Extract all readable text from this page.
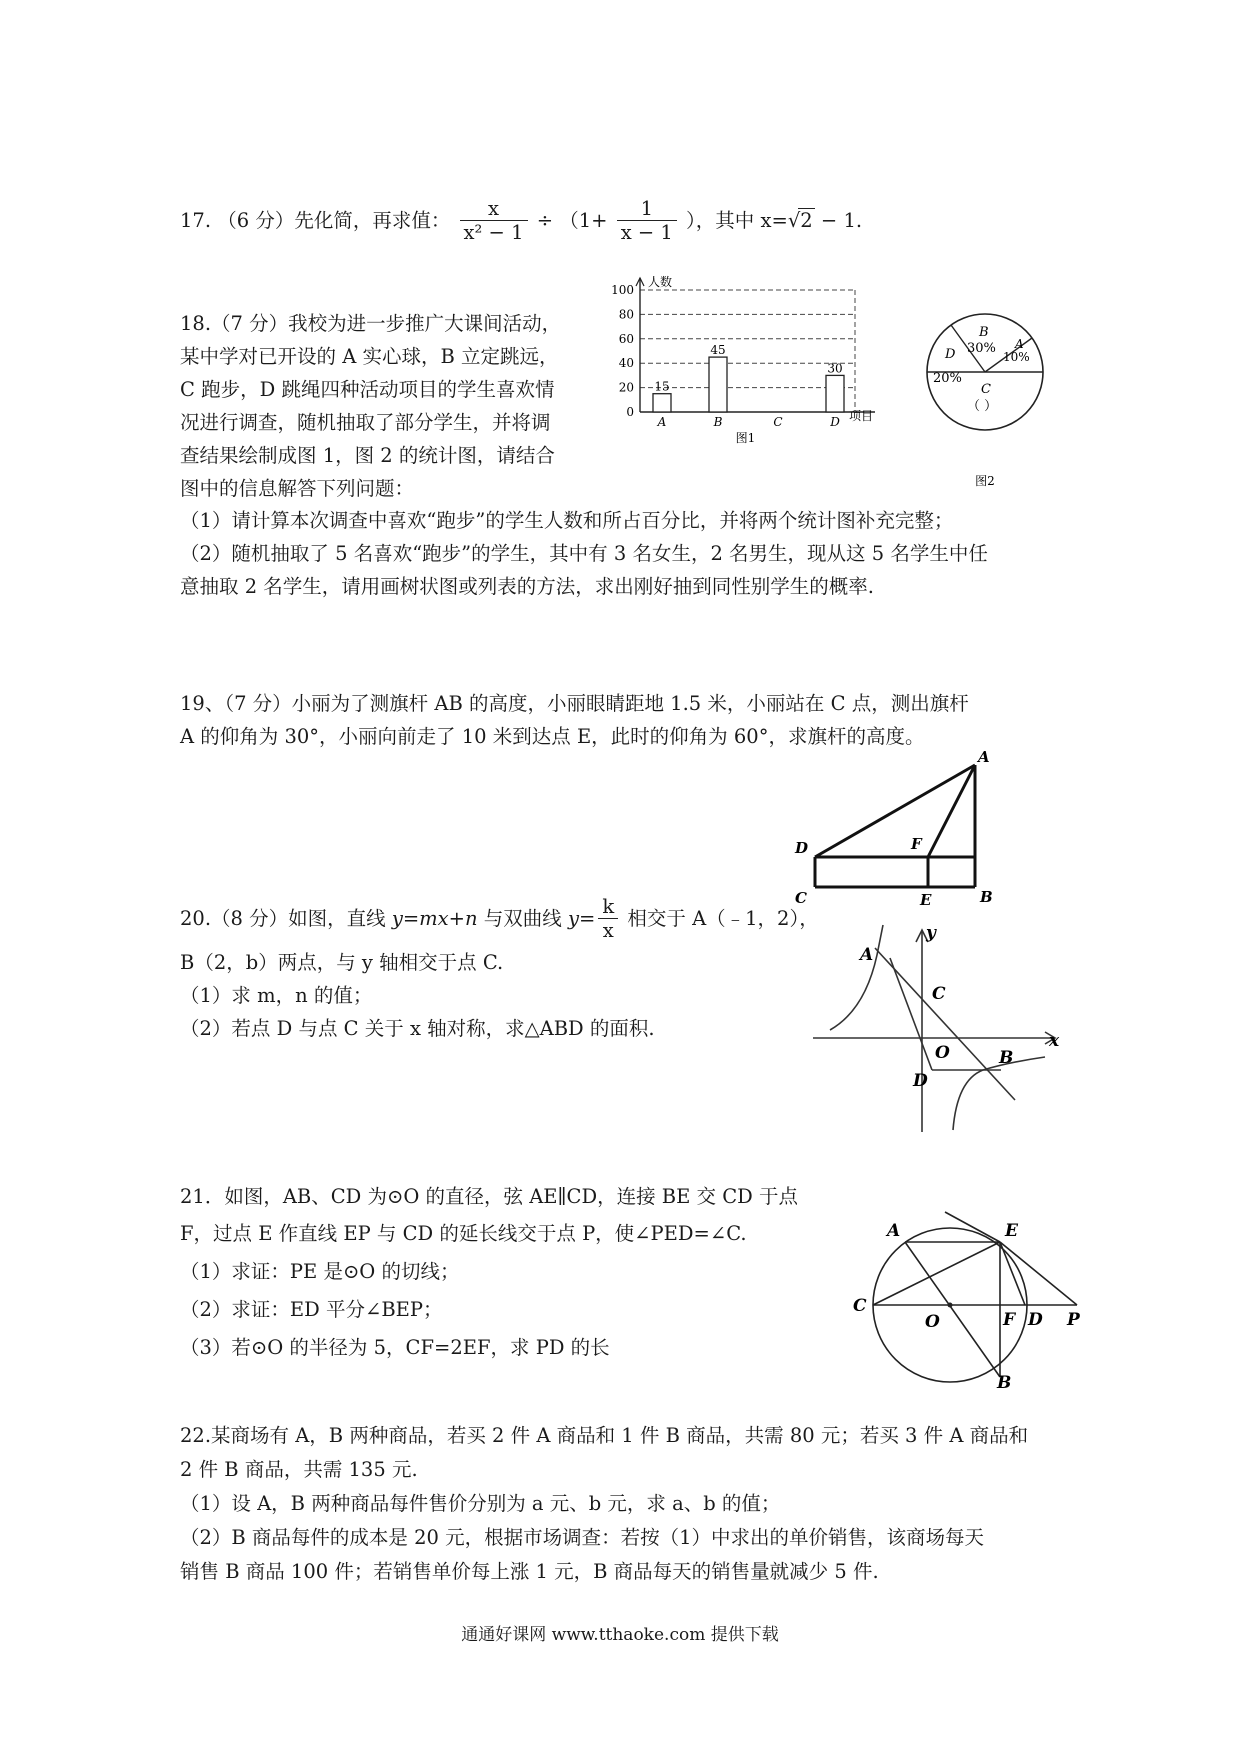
17. （6 分）先化简，再求值： $\frac{x}{\text{x² − 1}} \div (1+ \frac{1}{x - 1}$ ），其中 x=√2 − 1.
18.（7 分）我校为进一步推广大课间活动，
某中学对已开设的 A 实心球，B 立定跳远，
C 跑步，D 跳绳四种活动项目的学生喜欢情
况进行调查，随机抽取了部分学生，并将调
查结果绘制成图 1，图 2 的统计图，请结合
图中的信息解答下列问题：
0
20
40
60
80
100
人数
项目
A
15
B
45
C	D
30
图1
B
30% A
10%
D
20%
C
（ ）
图2
（1）请计算本次调查中喜欢“跑步”的学生人数和所占百分比，并将两个统计图补充完整；
（2）随机抽取了 5 名喜欢“跑步”的学生，其中有 3 名女生，2 名男生，现从这 5 名学生中任
意抽取 2 名学生，请用画树状图或列表的方法，求出刚好抽到同性别学生的概率.
19、（7 分）小丽为了测旗杆 AB 的高度，小丽眼睛距地 1.5 米，小丽站在 C 点，测出旗杆
A 的仰角为 30°，小丽向前走了 10 米到达点 E，此时的仰角为 60°，求旗杆的高度。
A
D	F
C	E	B
20.（8 分）如图，直线 y=mx+n 与双曲线 $y= \frac{k}{x}$ 相交于 A（﹣1，2），
B（2，b）两点，与 y 轴相交于点 C.
（1）求 m，n 的值；
（2）若点 D 与点 C 关于 x 轴对称，求△ABD 的面积.
A
C
O	B
D
x
y
21．如图，AB、CD 为⊙O 的直径，弦 AE∥CD，连接 BE 交 CD 于点
F，过点 E 作直线 EP 与 CD 的延长线交于点 P，使∠PED=∠C.
（1）求证：PE 是⊙O 的切线；
（2）求证：ED 平分∠BEP；
（3）若⊙O 的半径为 5，CF=2EF，求 PD 的长
A	E
C
O	F D P
B
22.某商场有 A，B 两种商品，若买 2 件 A 商品和 1 件 B 商品，共需 80 元；若买 3 件 A 商品和
2 件 B 商品，共需 135 元.
（1）设 A，B 两种商品每件售价分别为 a 元、b 元，求 a、b 的值；
（2）B 商品每件的成本是 20 元，根据市场调查：若按（1）中求出的单价销售，该商场每天
销售 B 商品 100 件；若销售单价每上涨 1 元，B 商品每天的销售量就减少 5 件.
通通好课网 www.tthaoke.com 提供下载
